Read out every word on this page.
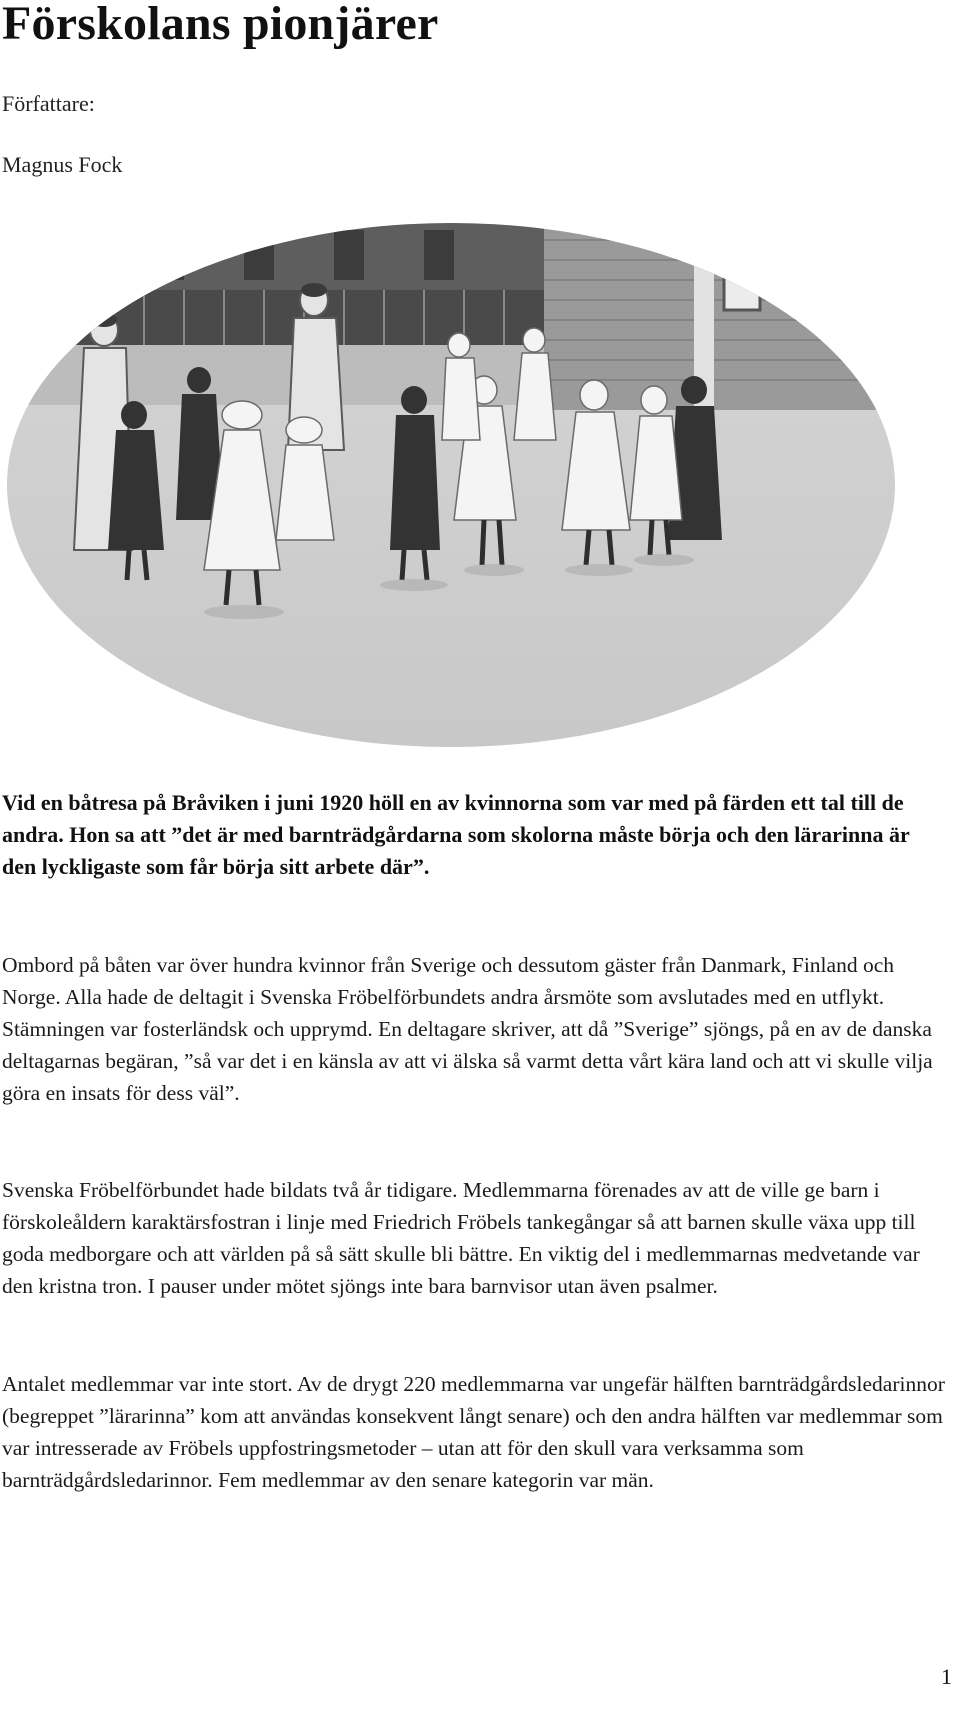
Förskolans pionjärer

Författare:

Magnus Fock

Vid en båtresa på Bråviken i juni 1920 höll en av kvinnorna som var med på färden ett tal till de andra. Hon sa att ”det är med barnträdgårdarna som skolorna måste börja och den lärarinna är den lyckligaste som får börja sitt arbete där”.

Ombord på båten var över hundra kvinnor från Sverige och dessutom gäster från Danmark, Finland och Norge. Alla hade de deltagit i Svenska Fröbelförbundets andra årsmöte som avslutades med en utflykt. Stämningen var fosterländsk och upprymd. En deltagare skriver, att då ”Sverige” sjöngs, på en av de danska deltagarnas begäran, ”så var det i en känsla av att vi älska så varmt detta vårt kära land och att vi skulle vilja göra en insats för dess väl”.

Svenska Fröbelförbundet hade bildats två år tidigare. Medlemmarna förenades av att de ville ge barn i förskoleåldern karaktärsfostran i linje med Friedrich Fröbels tankegångar så att barnen skulle växa upp till goda medborgare och att världen på så sätt skulle bli bättre. En viktig del i medlemmarnas medvetande var den kristna tron. I pauser under mötet sjöngs inte bara barnvisor utan även psalmer.

Antalet medlemmar var inte stort. Av de drygt 220 medlemmarna var ungefär hälften barnträdgårdsledarinnor (begreppet ”lärarinna” kom att användas konsekvent långt senare) och den andra hälften var medlemmar som var intresserade av Fröbels uppfostringsmetoder – utan att för den skull vara verksamma som barnträdgårdsledarinnor. Fem medlemmar av den senare kategorin var män.

1
